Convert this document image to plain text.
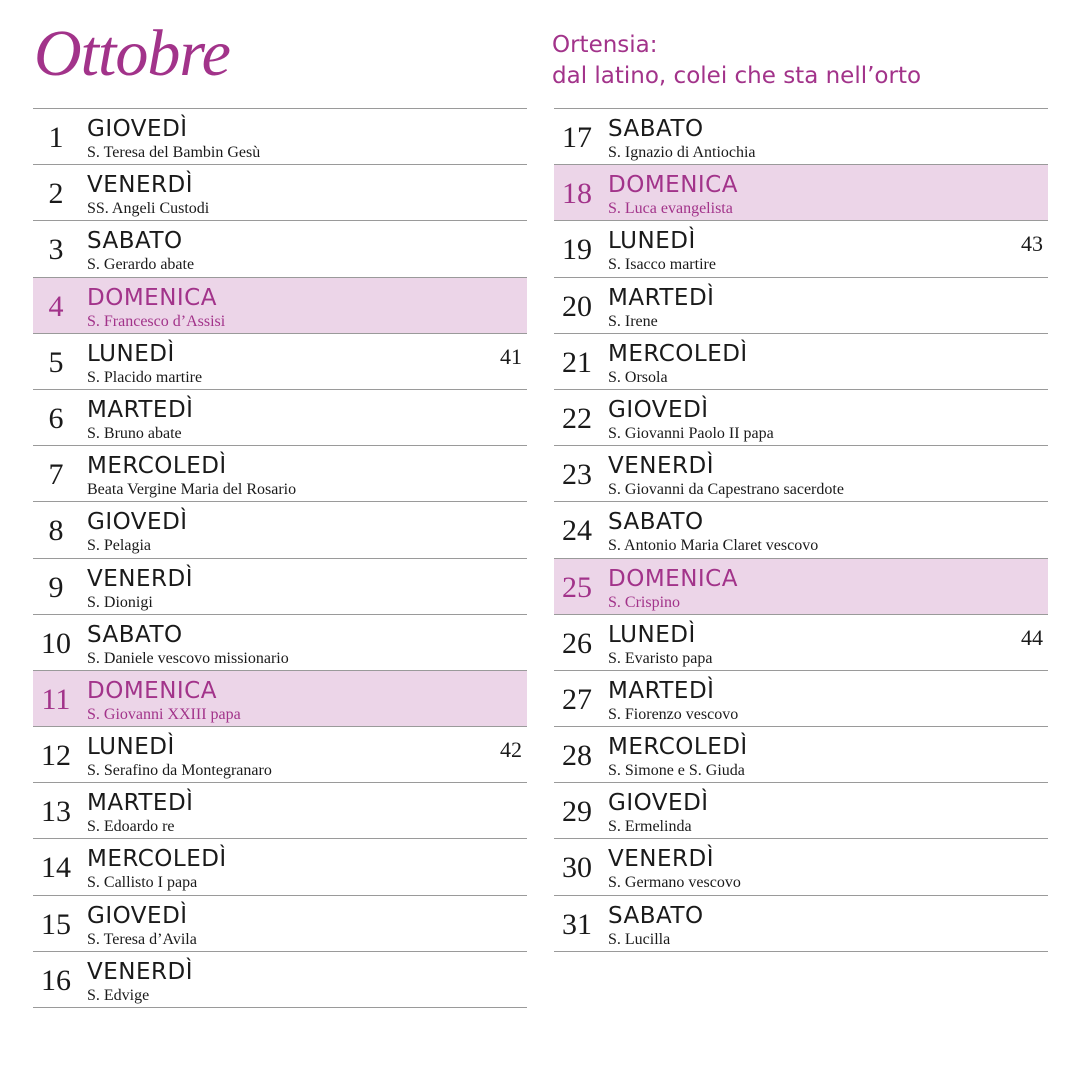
Ottobre	Ortensia:
dal latino, colei che sta nell’orto
1	GIOVEDÌ
S. Teresa del Bambin Gesù
2	VENERDÌ
SS. Angeli Custodi
3	SABATO
S. Gerardo abate
4	DOMENICA
S. Francesco d’Assisi
5	LUNEDÌ
S. Placido martire
41
6	MARTEDÌ
S. Bruno abate
7	MERCOLEDÌ
Beata Vergine Maria del Rosario
8	GIOVEDÌ
S. Pelagia
9	VENERDÌ
S. Dionigi
10 SABATO
S. Daniele vescovo missionario
11 DOMENICA
S. Giovanni XXIII papa
12 LUNEDÌ
S. Serafino da Montegranaro
42
13 MARTEDÌ
S. Edoardo re
14 MERCOLEDÌ
S. Callisto I papa
15 GIOVEDÌ
S. Teresa d’Avila
16 VENERDÌ
S. Edvige
17 SABATO
S. Ignazio di Antiochia
18 DOMENICA
S. Luca evangelista
19 LUNEDÌ
S. Isacco martire
43
20 MARTEDÌ
S. Irene
21 MERCOLEDÌ
S. Orsola
22 GIOVEDÌ
S. Giovanni Paolo II papa
23 VENERDÌ
S. Giovanni da Capestrano sacerdote
24 SABATO
S. Antonio Maria Claret vescovo
25 DOMENICA
S. Crispino
26 LUNEDÌ
S. Evaristo papa
44
27 MARTEDÌ
S. Fiorenzo vescovo
28 MERCOLEDÌ
S. Simone e S. Giuda
29 GIOVEDÌ
S. Ermelinda
30 VENERDÌ
S. Germano vescovo
31 SABATO
S. Lucilla
